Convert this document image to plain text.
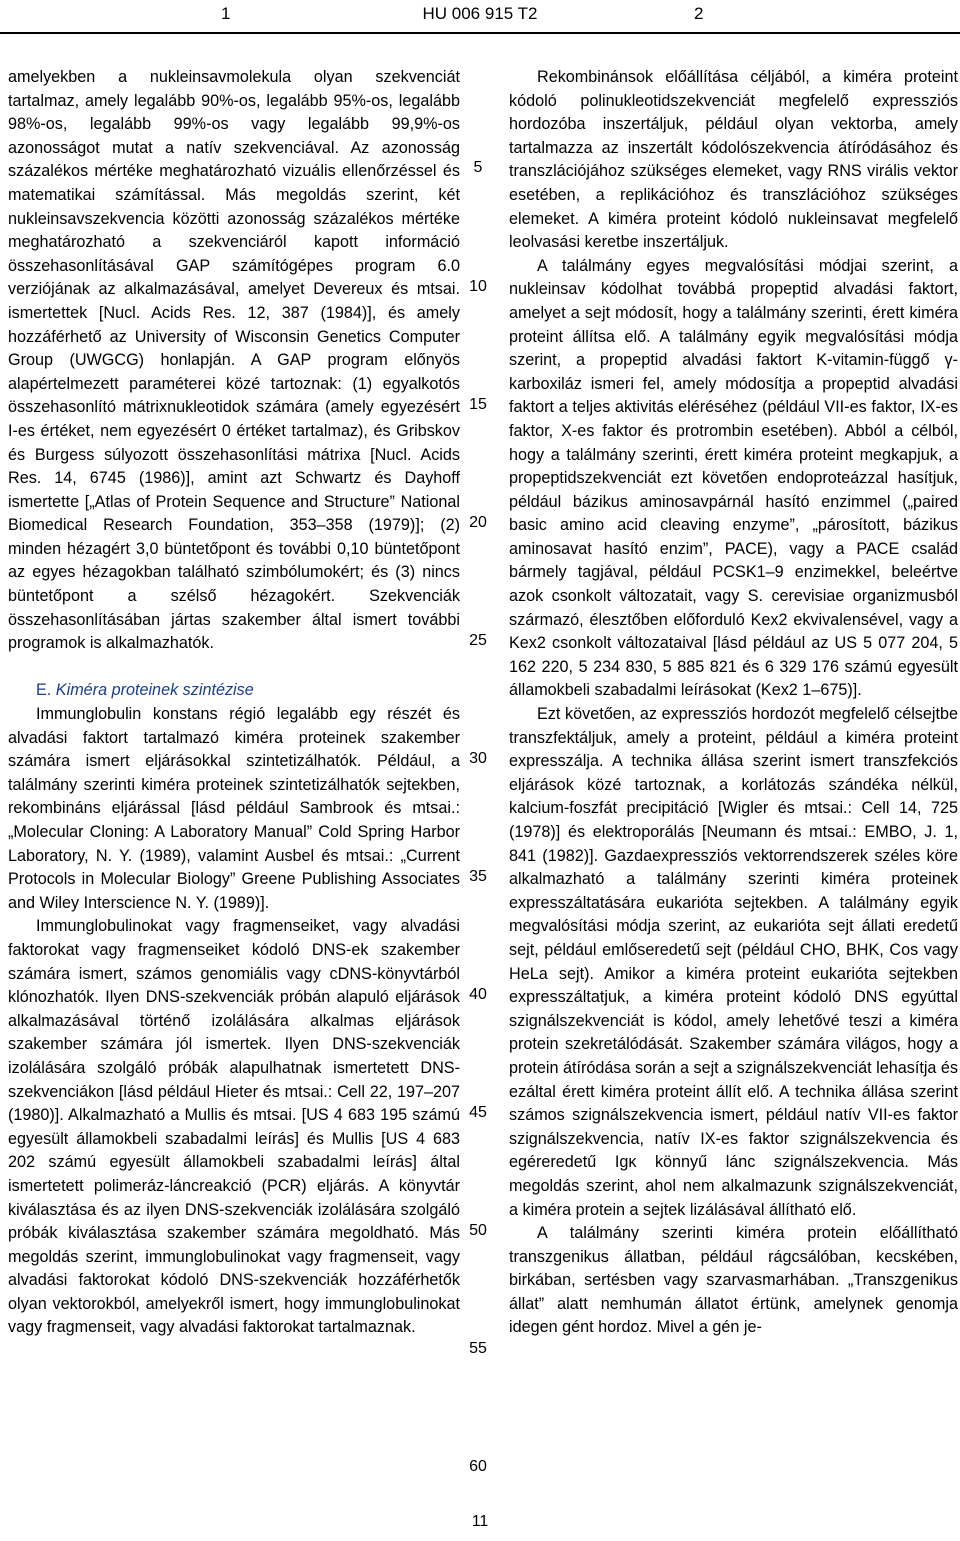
1	HU 006 915 T2	2

amelyekben a nukleinsavmolekula olyan szekvenciát tartalmaz, amely legalább 90%-os, legalább 95%-os, legalább 98%-os, legalább 99%-os vagy legalább 99,9%-os azonosságot mutat a natív szekvenciával. Az azonosság százalékos mértéke meghatározható vizuális ellenőrzéssel és matematikai számítással. Más megoldás szerint, két nukleinsavszekvencia közötti azonosság százalékos mértéke meghatározható a szekvenciáról kapott információ összehasonlításával GAP számítógépes program 6.0 verziójának az alkalmazásával, amelyet Devereux és mtsai. ismertettek [Nucl. Acids Res. 12, 387 (1984)], és amely hozzáférhető az University of Wisconsin Genetics Computer Group (UWGCG) honlapján. A GAP program előnyös alapértelmezett paraméterei közé tartoznak: (1) egyalkotós összehasonlító mátrixnukleotidok számára (amely egyezésért I-es értéket, nem egyezésért 0 értéket tartalmaz), és Gribskov és Burgess súlyozott összehasonlítási mátrixa [Nucl. Acids Res. 14, 6745 (1986)], amint azt Schwartz és Dayhoff ismertette [„Atlas of Protein Sequence and Structure” National Biomedical Research Foundation, 353–358 (1979)]; (2) minden hézagért 3,0 büntetőpont és további 0,10 büntetőpont az egyes hézagokban található szimbólumokért; és (3) nincs büntetőpont a szélső hézagokért. Szekvenciák összehasonlításában jártas szakember által ismert további programok is alkalmazhatók.

E. Kiméra proteinek szintézise

Immunglobulin konstans régió legalább egy részét és alvadási faktort tartalmazó kiméra proteinek szakember számára ismert eljárásokkal szintetizálhatók. Például, a találmány szerinti kiméra proteinek szintetizálhatók sejtekben, rekombináns eljárással [lásd például Sambrook és mtsai.: „Molecular Cloning: A Laboratory Manual” Cold Spring Harbor Laboratory, N. Y. (1989), valamint Ausbel és mtsai.: „Current Protocols in Molecular Biology” Greene Publishing Associates and Wiley Interscience N. Y. (1989)].

Immunglobulinokat vagy fragmenseiket, vagy alvadási faktorokat vagy fragmenseiket kódoló DNS-ek szakember számára ismert, számos genomiális vagy cDNS-könyvtárból klónozhatók. Ilyen DNS-szekvenciák próbán alapuló eljárások alkalmazásával történő izolálására alkalmas eljárások szakember számára jól ismertek. Ilyen DNS-szekvenciák izolálására szolgáló próbák alapulhatnak ismertetett DNS-szekvenciákon [lásd például Hieter és mtsai.: Cell 22, 197–207 (1980)]. Alkalmazható a Mullis és mtsai. [US 4 683 195 számú egyesült államokbeli szabadalmi leírás] és Mullis [US 4 683 202 számú egyesült államokbeli szabadalmi leírás] által ismertetett polimeráz-láncreakció (PCR) eljárás. A könyvtár kiválasztása és az ilyen DNS-szekvenciák izolálására szolgáló próbák kiválasztása szakember számára megoldható. Más megoldás szerint, immunglobulinokat vagy fragmenseit, vagy alvadási faktorokat kódoló DNS-szekvenciák hozzáférhetők olyan vektorokból, amelyekről ismert, hogy immunglobulinokat vagy fragmenseit, vagy alvadási faktorokat tartalmaznak.

Rekombinánsok előállítása céljából, a kiméra proteint kódoló polinukleotidszekvenciát megfelelő expressziós hordozóba inszertáljuk, például olyan vektorba, amely tartalmazza az inszertált kódolószekvencia átíródásához és transzlációjához szükséges elemeket, vagy RNS virális vektor esetében, a replikációhoz és transzlációhoz szükséges elemeket. A kiméra proteint kódoló nukleinsavat megfelelő leolvasási keretbe inszertáljuk.

A találmány egyes megvalósítási módjai szerint, a nukleinsav kódolhat továbbá propeptid alvadási faktort, amelyet a sejt módosít, hogy a találmány szerinti, érett kiméra proteint állítsa elő. A találmány egyik megvalósítási módja szerint, a propeptid alvadási faktort K-vitamin-függő γ-karboxiláz ismeri fel, amely módosítja a propeptid alvadási faktort a teljes aktivitás eléréséhez (például VII-es faktor, IX-es faktor, X-es faktor és protrombin esetében). Abból a célból, hogy a találmány szerinti, érett kiméra proteint megkapjuk, a propeptidszekvenciát ezt követően endoproteázzal hasítjuk, például bázikus aminosavpárnál hasító enzimmel („paired basic amino acid cleaving enzyme”, „párosított, bázikus aminosavat hasító enzim”, PACE), vagy a PACE család bármely tagjával, például PCSK1–9 enzimekkel, beleértve azok csonkolt változatait, vagy S. cerevisiae organizmusból származó, élesztőben előforduló Kex2 ekvivalensével, vagy a Kex2 csonkolt változataival [lásd például az US 5 077 204, 5 162 220, 5 234 830, 5 885 821 és 6 329 176 számú egyesült államokbeli szabadalmi leírásokat (Kex2 1–675)].

Ezt követően, az expressziós hordozót megfelelő célsejtbe transzfektáljuk, amely a proteint, például a kiméra proteint expresszálja. A technika állása szerint ismert transzfekciós eljárások közé tartoznak, a korlátozás szándéka nélkül, kalcium-foszfát precipitáció [Wigler és mtsai.: Cell 14, 725 (1978)] és elektroporálás [Neumann és mtsai.: EMBO, J. 1, 841 (1982)]. Gazdaexpressziós vektorrendszerek széles köre alkalmazható a találmány szerinti kiméra proteinek expresszáltatására eukarióta sejtekben. A találmány egyik megvalósítási módja szerint, az eukarióta sejt állati eredetű sejt, például emlőseredetű sejt (például CHO, BHK, Cos vagy HeLa sejt). Amikor a kiméra proteint eukarióta sejtekben expresszáltatjuk, a kiméra proteint kódoló DNS egyúttal szignálszekvenciát is kódol, amely lehetővé teszi a kiméra protein szekretálódását. Szakember számára világos, hogy a protein átíródása során a sejt a szignálszekvenciát lehasítja és ezáltal érett kiméra proteint állít elő. A technika állása szerint számos szignálszekvencia ismert, például natív VII-es faktor szignálszekvencia, natív IX-es faktor szignálszekvencia és egéreredetű Igκ könnyű lánc szignálszekvencia. Más megoldás szerint, ahol nem alkalmazunk szignálszekvenciát, a kiméra protein a sejtek lizálásával állítható elő.

A találmány szerinti kiméra protein előállítható transzgenikus állatban, például rágcsálóban, kecskében, birkában, sertésben vagy szarvasmarhában. „Transzgenikus állat” alatt nemhumán állatot értünk, amelynek genomja idegen gént hordoz. Mivel a gén je-

5
10
15
20
25
30
35
40
45
50
55
60
11
